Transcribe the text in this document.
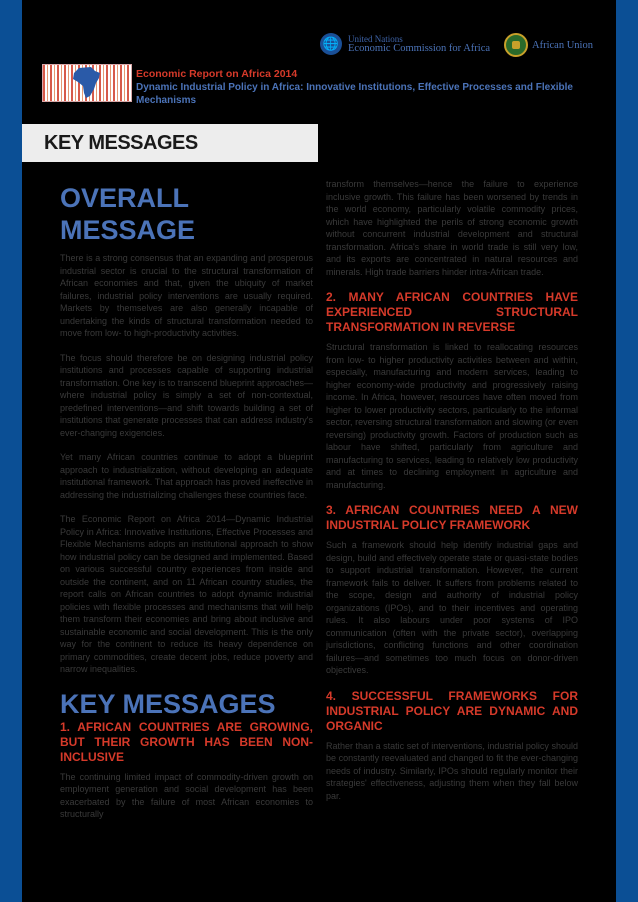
🌐 United Nations
Economic Commission for Africa	African Union
Economic Report on Africa 2014
Dynamic Industrial Policy in Africa: Innovative Institutions, Effective Processes and Flexible Mechanisms
KEY MESSAGES
OVERALL MESSAGE

There is a strong consensus that an expanding and prosperous industrial sector is crucial to the structural transformation of African economies and that, given the ubiquity of market failures, industrial policy interventions are usually required. Markets by themselves are also generally incapable of undertaking the kinds of structural transformation needed to move from low- to high-productivity activities.

The focus should therefore be on designing industrial policy institutions and processes capable of supporting industrial transformation. One key is to transcend blueprint approaches—where industrial policy is simply a set of non-contextual, predefined interventions—and shift towards building a set of institutions that generate processes that can address industry's ever-changing exigencies.

Yet many African countries continue to adopt a blueprint approach to industrialization, without developing an adequate institutional framework. That approach has proved ineffective in addressing the industrializing challenges these countries face.

The Economic Report on Africa 2014—Dynamic Industrial Policy in Africa: Innovative Institutions, Effective Processes and Flexible Mechanisms adopts an institutional approach to show how industrial policy can be designed and implemented. Based on various successful country experiences from inside and outside the continent, and on 11 African country studies, the report calls on African countries to adopt dynamic industrial policies with flexible processes and mechanisms that will help them transform their economies and bring about inclusive and sustainable economic and social development. This is the only way for the continent to reduce its heavy dependence on primary commodities, create decent jobs, reduce poverty and narrow inequalities.

KEY MESSAGES
1. AFRICAN COUNTRIES ARE GROWING, BUT THEIR GROWTH HAS BEEN NON-INCLUSIVE

The continuing limited impact of commodity-driven growth on employment generation and social development has been exacerbated by the failure of most African economies to structurally

transform themselves—hence the failure to experience inclusive growth. This failure has been worsened by trends in the world economy, particularly volatile commodity prices, which have highlighted the perils of strong economic growth without concurrent industrial development and structural transformation. Africa's share in world trade is still very low, and its exports are concentrated in natural resources and minerals. High trade barriers hinder intra-African trade.

2. MANY AFRICAN COUNTRIES HAVE EXPERIENCED STRUCTURAL TRANSFORMATION IN REVERSE

Structural transformation is linked to reallocating resources from low- to higher productivity activities between and within, especially, manufacturing and modern services, leading to higher economy-wide productivity and progressively raising income. In Africa, however, resources have often moved from higher to lower productivity sectors, particularly to the informal sector, reversing structural transformation and slowing (or even reversing) productivity growth. Factors of production such as labour have shifted, particularly from agriculture and manufacturing to services, leading to relatively low productivity and at times to declining employment in agriculture and manufacturing.

3. AFRICAN COUNTRIES NEED A NEW INDUSTRIAL POLICY FRAMEWORK

Such a framework should help identify industrial gaps and design, build and effectively operate state or quasi-state bodies to support industrial transformation. However, the current framework fails to deliver. It suffers from problems related to the scope, design and authority of industrial policy organizations (IPOs), and to their incentives and operating rules. It also labours under poor systems of IPO communication (often with the private sector), overlapping jurisdictions, conflicting functions and other coordination failures—and sometimes too much focus on donor-driven objectives.

4. SUCCESSFUL FRAMEWORKS FOR INDUSTRIAL POLICY ARE DYNAMIC AND ORGANIC

Rather than a static set of interventions, industrial policy should be constantly reevaluated and changed to fit the ever-changing needs of industry. Similarly, IPOs should regularly monitor their strategies' effectiveness, adjusting them when they fall below par.
